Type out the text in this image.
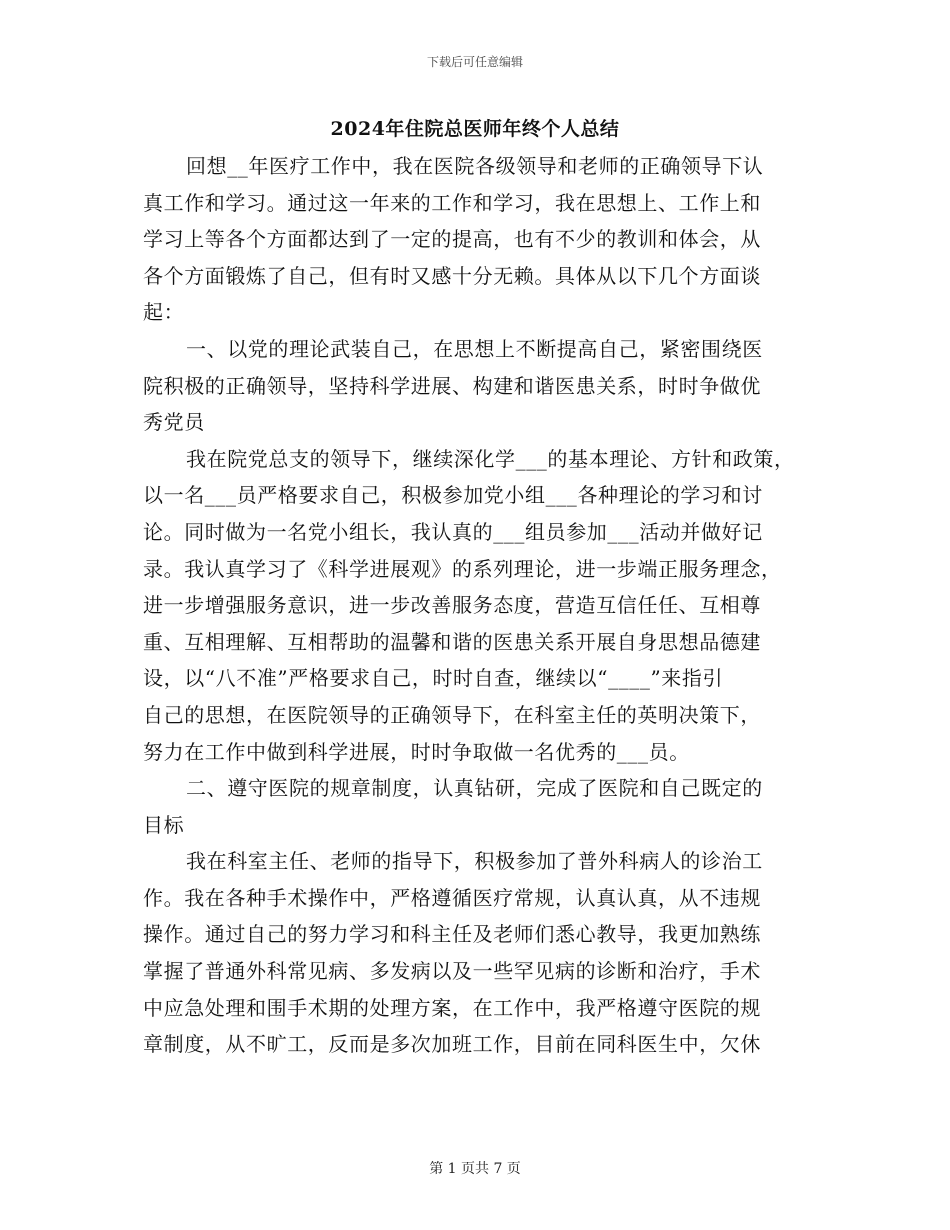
下载后可任意编辑
2024年住院总医师年终个人总结
回想__年医疗工作中，我在医院各级领导和老师的正确领导下认
真工作和学习。通过这一年来的工作和学习，我在思想上、工作上和
学习上等各个方面都达到了一定的提高，也有不少的教训和体会，从
各个方面锻炼了自己，但有时又感十分无赖。具体从以下几个方面谈
起：
一、以党的理论武装自己，在思想上不断提高自己，紧密围绕医
院积极的正确领导，坚持科学进展、构建和谐医患关系，时时争做优
秀党员
我在院党总支的领导下，继续深化学___的基本理论、方针和政策，
以一名___员严格要求自己，积极参加党小组___各种理论的学习和讨
论。同时做为一名党小组长，我认真的___组员参加___活动并做好记
录。我认真学习了《科学进展观》的系列理论，进一步端正服务理念，
进一步增强服务意识，进一步改善服务态度，营造互信任任、互相尊
重、互相理解、互相帮助的温馨和谐的医患关系开展自身思想品德建
设，以“八不准”严格要求自己，时时自查，继续以“____”来指引
自己的思想，在医院领导的正确领导下，在科室主任的英明决策下，
努力在工作中做到科学进展，时时争取做一名优秀的___员。
二、遵守医院的规章制度，认真钻研，完成了医院和自己既定的
目标
我在科室主任、老师的指导下，积极参加了普外科病人的诊治工
作。我在各种手术操作中，严格遵循医疗常规，认真认真，从不违规
操作。通过自己的努力学习和科主任及老师们悉心教导，我更加熟练
掌握了普通外科常见病、多发病以及一些罕见病的诊断和治疗，手术
中应急处理和围手术期的处理方案，在工作中，我严格遵守医院的规
章制度，从不旷工，反而是多次加班工作，目前在同科医生中，欠休
第 1 页共 7 页
